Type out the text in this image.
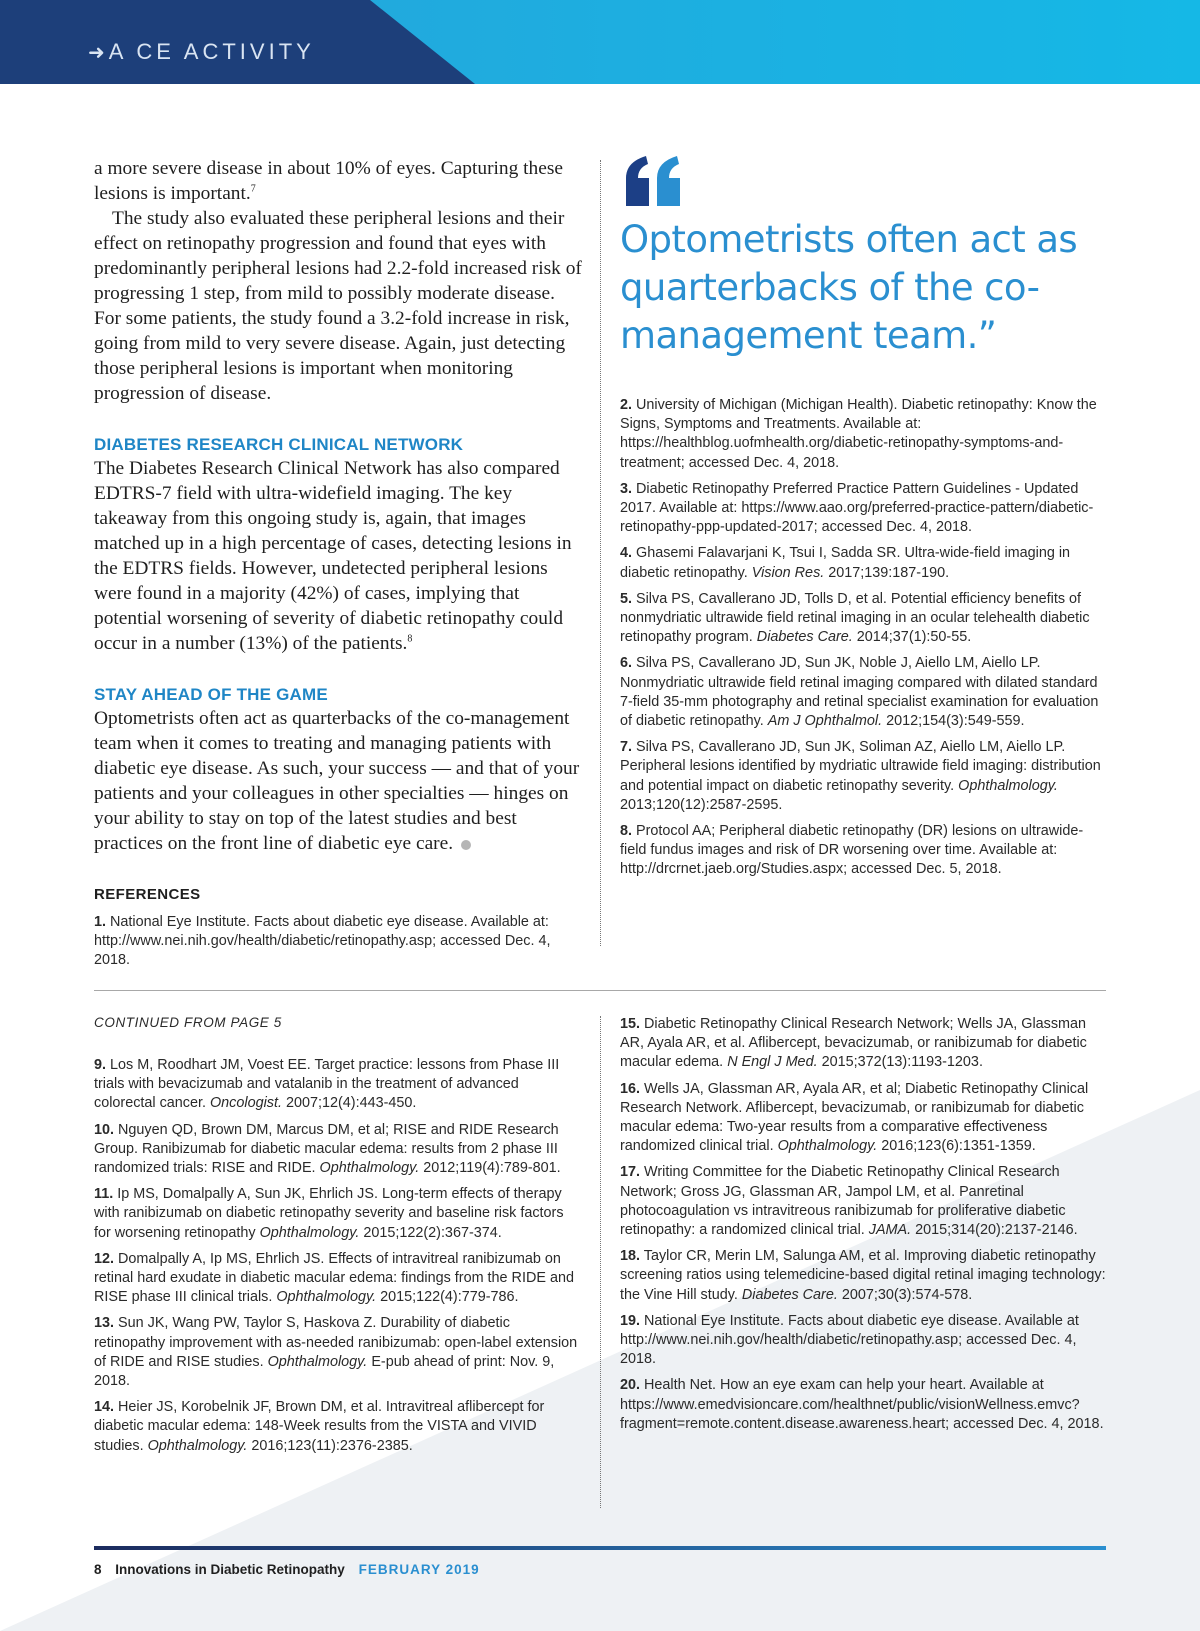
➜ A CE ACTIVITY

a more severe disease in about 10% of eyes. Capturing these lesions is important.$^7$

The study also evaluated these peripheral lesions and their effect on retinopathy progression and found that eyes with predominantly peripheral lesions had 2.2-fold increased risk of progressing 1 step, from mild to possibly moderate disease. For some patients, the study found a 3.2-fold increase in risk, going from mild to very severe disease. Again, just detecting those peripheral lesions is important when monitoring progression of disease.

DIABETES RESEARCH CLINICAL NETWORK

The Diabetes Research Clinical Network has also compared EDTRS-7 field with ultra-widefield imaging. The key takeaway from this ongoing study is, again, that images matched up in a high percentage of cases, detecting lesions in the EDTRS fields. However, undetected peripheral lesions were found in a majority (42%) of cases, implying that potential worsening of severity of diabetic retinopathy could occur in a number (13%) of the patients.$^8$

STAY AHEAD OF THE GAME

Optometrists often act as quarterbacks of the co-management team when it comes to treating and managing patients with diabetic eye disease. As such, your success — and that of your patients and your colleagues in other specialties — hinges on your ability to stay on top of the latest studies and best practices on the front line of diabetic eye care.

REFERENCES

1. National Eye Institute. Facts about diabetic eye disease. Available at: http://www.nei.nih.gov/health/diabetic/retinopathy.asp; accessed Dec. 4, 2018.

Optometrists often act as quarterbacks of the co-management team.”

2. University of Michigan (Michigan Health). Diabetic retinopathy: Know the Signs, Symptoms and Treatments. Available at: https://healthblog.uofmhealth.org/diabetic-retinopathy-symptoms-and-treatment; accessed Dec. 4, 2018.

3. Diabetic Retinopathy Preferred Practice Pattern Guidelines - Updated 2017. Available at: https://www.aao.org/preferred-practice-pattern/diabetic-retinopathy-ppp-updated-2017; accessed Dec. 4, 2018.

4. Ghasemi Falavarjani K, Tsui I, Sadda SR. Ultra-wide-field imaging in diabetic retinopathy. Vision Res. 2017;139:187-190.

5. Silva PS, Cavallerano JD, Tolls D, et al. Potential efficiency benefits of nonmydriatic ultrawide field retinal imaging in an ocular telehealth diabetic retinopathy program. Diabetes Care. 2014;37(1):50-55.

6. Silva PS, Cavallerano JD, Sun JK, Noble J, Aiello LM, Aiello LP. Nonmydriatic ultrawide field retinal imaging compared with dilated standard 7-field 35-mm photography and retinal specialist examination for evaluation of diabetic retinopathy. Am J Ophthalmol. 2012;154(3):549-559.

7. Silva PS, Cavallerano JD, Sun JK, Soliman AZ, Aiello LM, Aiello LP. Peripheral lesions identified by mydriatic ultrawide field imaging: distribution and potential impact on diabetic retinopathy severity. Ophthalmology. 2013;120(12):2587-2595.

8. Protocol AA; Peripheral diabetic retinopathy (DR) lesions on ultrawide-field fundus images and risk of DR worsening over time. Available at: http://drcrnet.jaeb.org/Studies.aspx; accessed Dec. 5, 2018.

CONTINUED FROM PAGE 5

9. Los M, Roodhart JM, Voest EE. Target practice: lessons from Phase III trials with bevacizumab and vatalanib in the treatment of advanced colorectal cancer. Oncologist. 2007;12(4):443-450.

10. Nguyen QD, Brown DM, Marcus DM, et al; RISE and RIDE Research Group. Ranibizumab for diabetic macular edema: results from 2 phase III randomized trials: RISE and RIDE. Ophthalmology. 2012;119(4):789-801.

11. Ip MS, Domalpally A, Sun JK, Ehrlich JS. Long-term effects of therapy with ranibizumab on diabetic retinopathy severity and baseline risk factors for worsening retinopathy Ophthalmology. 2015;122(2):367-374.

12. Domalpally A, Ip MS, Ehrlich JS. Effects of intravitreal ranibizumab on retinal hard exudate in diabetic macular edema: findings from the RIDE and RISE phase III clinical trials. Ophthalmology. 2015;122(4):779-786.

13. Sun JK, Wang PW, Taylor S, Haskova Z. Durability of diabetic retinopathy improvement with as-needed ranibizumab: open-label extension of RIDE and RISE studies. Ophthalmology. E-pub ahead of print: Nov. 9, 2018.

14. Heier JS, Korobelnik JF, Brown DM, et al. Intravitreal aflibercept for diabetic macular edema: 148-Week results from the VISTA and VIVID studies. Ophthalmology. 2016;123(11):2376-2385.

15. Diabetic Retinopathy Clinical Research Network; Wells JA, Glassman AR, Ayala AR, et al. Aflibercept, bevacizumab, or ranibizumab for diabetic macular edema. N Engl J Med. 2015;372(13):1193-1203.

16. Wells JA, Glassman AR, Ayala AR, et al; Diabetic Retinopathy Clinical Research Network. Aflibercept, bevacizumab, or ranibizumab for diabetic macular edema: Two-year results from a comparative effectiveness randomized clinical trial. Ophthalmology. 2016;123(6):1351-1359.

17. Writing Committee for the Diabetic Retinopathy Clinical Research Network; Gross JG, Glassman AR, Jampol LM, et al. Panretinal photocoagulation vs intravitreous ranibizumab for proliferative diabetic retinopathy: a randomized clinical trial. JAMA. 2015;314(20):2137-2146.

18. Taylor CR, Merin LM, Salunga AM, et al. Improving diabetic retinopathy screening ratios using telemedicine-based digital retinal imaging technology: the Vine Hill study. Diabetes Care. 2007;30(3):574-578.

19. National Eye Institute. Facts about diabetic eye disease. Available at http://www.nei.nih.gov/health/diabetic/retinopathy.asp; accessed Dec. 4, 2018.

20. Health Net. How an eye exam can help your heart. Available at https://www.emedvisioncare.com/healthnet/public/visionWellness.emvc?fragment=remote.content.disease.awareness.heart; accessed Dec. 4, 2018.

8 Innovations in Diabetic Retinopathy FEBRUARY 2019
